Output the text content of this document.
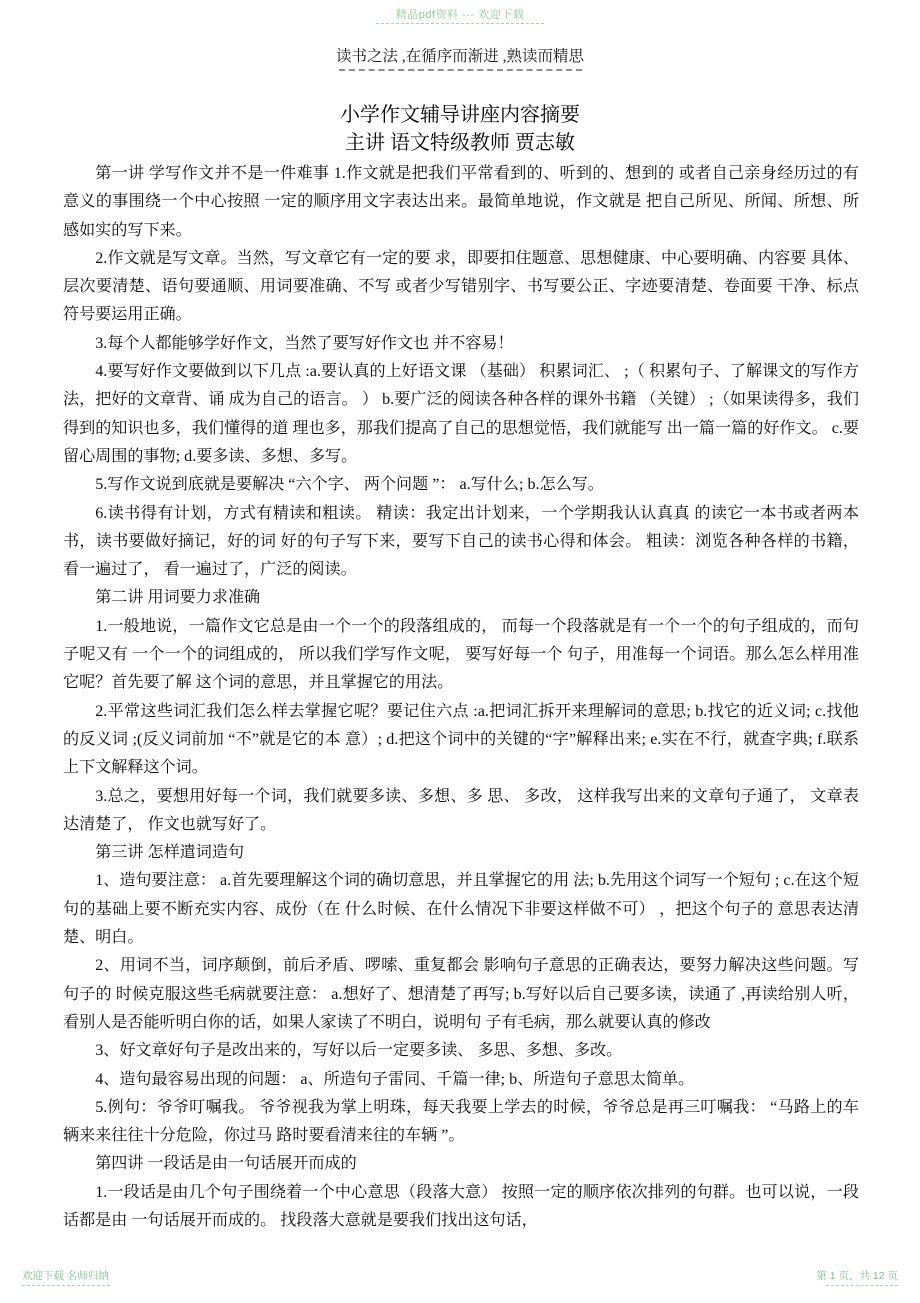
精品pdf资料 --- 欢迎下载
读书之法 ,在循序而渐进 ,熟读而精思
小学作文辅导讲座内容摘要
主讲 语文特级教师 贾志敏

第一讲 学写作文并不是一件难事 1.作文就是把我们平常看到的、听到的、想到的 或者自己亲身经历过的有意义的事围绕一个中心按照 一定的顺序用文字表达出来。最简单地说，作文就是 把自己所见、所闻、所想、所感如实的写下来。

2.作文就是写文章。当然，写文章它有一定的要 求，即要扣住题意、思想健康、中心要明确、内容要 具体、层次要清楚、语句要通顺、用词要准确、不写 或者少写错别字、书写要公正、字迹要清楚、卷面要 干净、标点符号要运用正确。

3.每个人都能够学好作文，当然了要写好作文也 并不容易！

4.要写好作文要做到以下几点 :a.要认真的上好语文课 （基础） 积累词汇、 ;（ 积累句子、了解课文的写作方法，把好的文章背、诵 成为自己的语言。 ） b.要广泛的阅读各种各样的课外书籍 （关键） ;（如果读得多，我们得到的知识也多，我们懂得的道 理也多，那我们提高了自己的思想觉悟，我们就能写 出一篇一篇的好作文。 c.要留心周围的事物; d.要多读、多想、多写。

5.写作文说到底就是要解决 “六个字、 两个问题 ”： a.写什么; b.怎么写。

6.读书得有计划，方式有精读和粗读。 精读：我定出计划来，一个学期我认认真真 的读它一本书或者两本书，读书要做好摘记，好的词 好的句子写下来，要写下自己的读书心得和体会。 粗读：浏览各种各样的书籍，看一遍过了， 看一遍过了，广泛的阅读。

第二讲 用词要力求准确

1.一般地说，一篇作文它总是由一个一个的段落组成的， 而每一个段落就是有一个一个的句子组成的，而句子呢又有 一个一个的词组成的， 所以我们学写作文呢， 要写好每一个 句子，用准每一个词语。那么怎么样用准它呢？首先要了解 这个词的意思，并且掌握它的用法。

2.平常这些词汇我们怎么样去掌握它呢？要记住六点 :a.把词汇拆开来理解词的意思; b.找它的近义词; c.找他的反义词 ;(反义词前加 “不”就是它的本 意）; d.把这个词中的关键的“字”解释出来; e.实在不行，就查字典; f.联系上下文解释这个词。

3.总之，要想用好每一个词，我们就要多读、多想、多 思、 多改， 这样我写出来的文章句子通了， 文章表达清楚了， 作文也就写好了。

第三讲 怎样遣词造句

1、造句要注意： a.首先要理解这个词的确切意思，并且掌握它的用 法; b.先用这个词写一个短句 ; c.在这个短句的基础上要不断充实内容、成份（在 什么时候、在什么情况下非要这样做不可） ，把这个句子的 意思表达清楚、明白。

2、用词不当，词序颠倒，前后矛盾、啰嗦、重复都会 影响句子意思的正确表达，要努力解决这些问题。写句子的 时候克服这些毛病就要注意： a.想好了、想清楚了再写; b.写好以后自己要多读，读通了 ,再读给别人听， 看别人是否能听明白你的话，如果人家读了不明白，说明句 子有毛病，那么就要认真的修改

3、好文章好句子是改出来的，写好以后一定要多读、 多思、多想、多改。

4、造句最容易出现的问题： a、所造句子雷同、千篇一律; b、所造句子意思太简单。

5.例句：爷爷叮嘱我。 爷爷视我为掌上明珠，每天我要上学去的时候，爷爷总是再三叮嘱我： “马路上的车辆来来往往十分危险，你过马 路时要看清来往的车辆 ”。

第四讲 一段话是由一句话展开而成的

1.一段话是由几个句子围绕着一个中心意思（段落大意） 按照一定的顺序依次排列的句群。也可以说，一段话都是由 一句话展开而成的。 找段落大意就是要我们找出这句话，

欢迎下载 名师归纳	第 1 页，共 12 页
